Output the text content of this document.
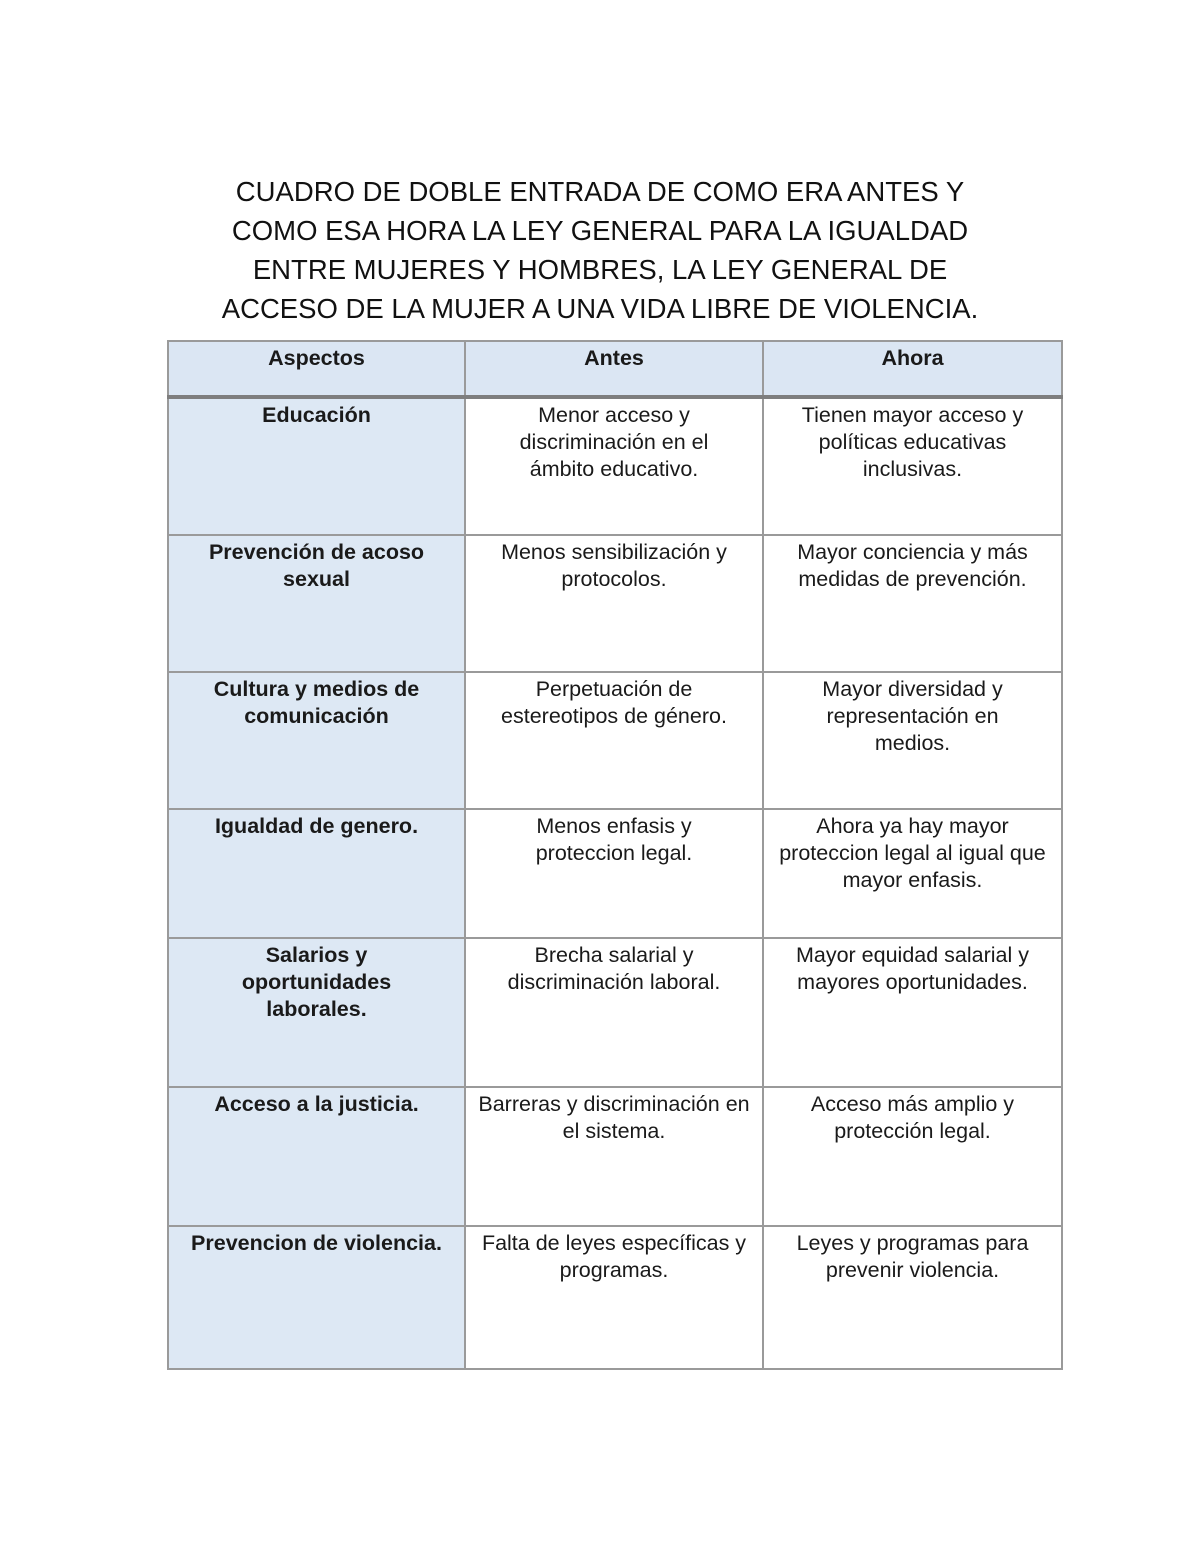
CUADRO DE DOBLE ENTRADA DE COMO ERA ANTES Y
COMO ESA HORA LA LEY GENERAL PARA LA IGUALDAD
ENTRE MUJERES Y HOMBRES, LA LEY GENERAL DE
ACCESO DE LA MUJER A UNA VIDA LIBRE DE VIOLENCIA.
Aspectos	Antes	Ahora

Educación	Menor acceso y discriminación en el ámbito educativo.	Tienen mayor acceso y políticas educativas inclusivas.

Prevención de acoso sexual	Menos sensibilización y protocolos.	Mayor conciencia y más medidas de prevención.

Cultura y medios de comunicación	Perpetuación de estereotipos de género.	Mayor diversidad y representación en medios.

Igualdad de genero.	Menos enfasis y proteccion legal.	Ahora ya hay mayor proteccion legal al igual que mayor enfasis.

Salarios y oportunidades laborales.	Brecha salarial y discriminación laboral.	Mayor equidad salarial y mayores oportunidades.

Acceso a la justicia.	Barreras y discriminación en el sistema.	Acceso más amplio y protección legal.

Prevencion de violencia.	Falta de leyes específicas y programas.	Leyes y programas para prevenir violencia.
